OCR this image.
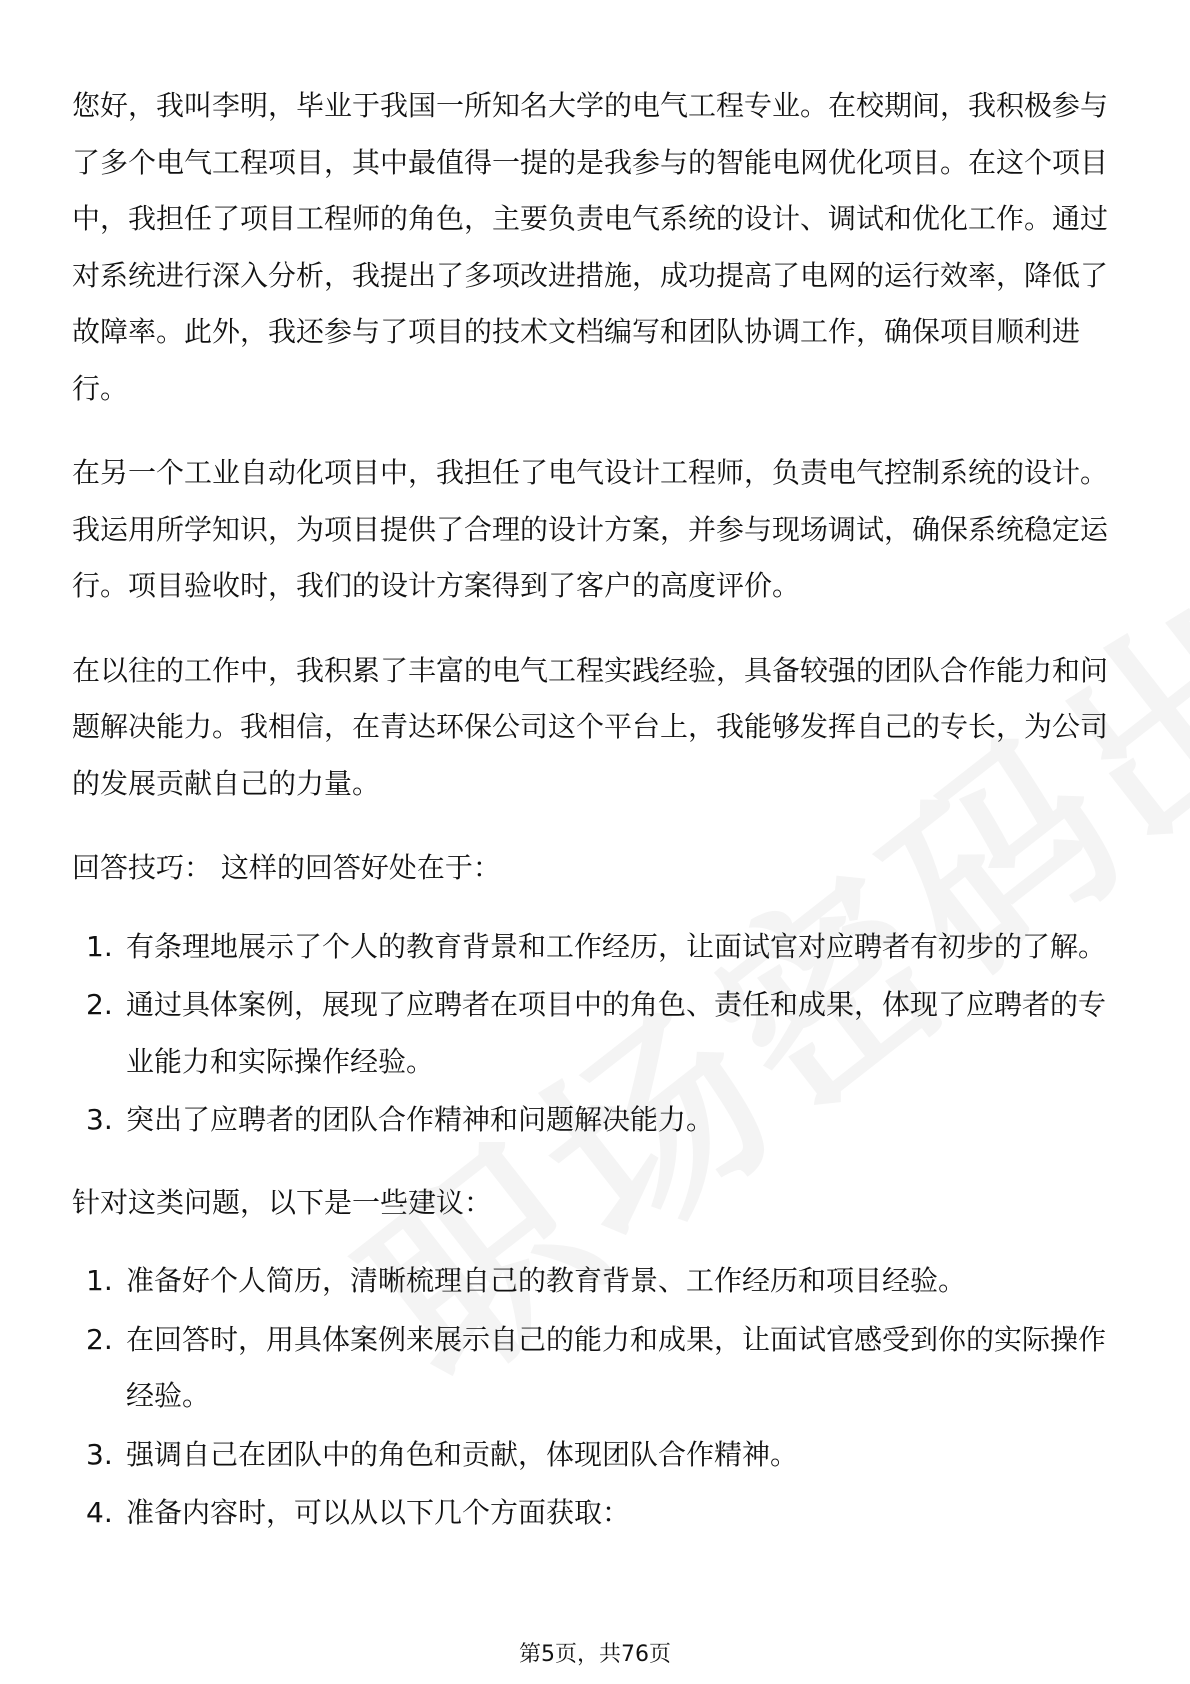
您好，我叫李明，毕业于我国一所知名大学的电气工程专业。在校期间，我积极参与了多个电气工程项目，其中最值得一提的是我参与的智能电网优化项目。在这个项目中，我担任了项目工程师的角色，主要负责电气系统的设计、调试和优化工作。通过对系统进行深入分析，我提出了多项改进措施，成功提高了电网的运行效率，降低了故障率。此外，我还参与了项目的技术文档编写和团队协调工作，确保项目顺利进行。

在另一个工业自动化项目中，我担任了电气设计工程师，负责电气控制系统的设计。我运用所学知识，为项目提供了合理的设计方案，并参与现场调试，确保系统稳定运行。项目验收时，我们的设计方案得到了客户的高度评价。

在以往的工作中，我积累了丰富的电气工程实践经验，具备较强的团队合作能力和问题解决能力。我相信，在青达环保公司这个平台上，我能够发挥自己的专长，为公司的发展贡献自己的力量。

回答技巧： 这样的回答好处在于：

1. 有条理地展示了个人的教育背景和工作经历，让面试官对应聘者有初步的了解。
2. 通过具体案例，展现了应聘者在项目中的角色、责任和成果，体现了应聘者的专业能力和实际操作经验。
3. 突出了应聘者的团队合作精神和问题解决能力。

针对这类问题，以下是一些建议：

1. 准备好个人简历，清晰梳理自己的教育背景、工作经历和项目经验。
2. 在回答时，用具体案例来展示自己的能力和成果，让面试官感受到你的实际操作经验。
3. 强调自己在团队中的角色和贡献，体现团队合作精神。
4. 准备内容时，可以从以下几个方面获取：
第5页，共76页
